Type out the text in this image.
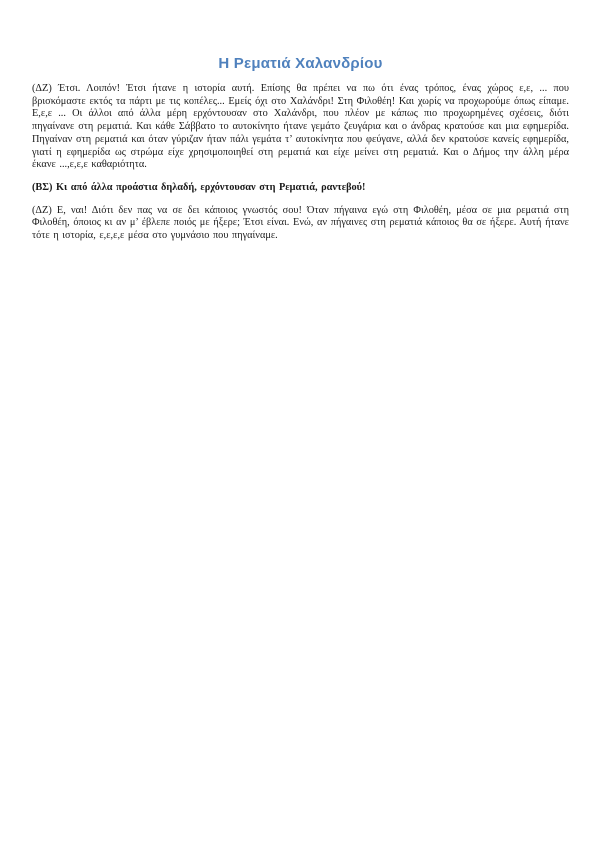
Η Ρεματιά Χαλανδρίου

(ΔΖ) Έτσι. Λοιπόν! Έτσι ήτανε η ιστορία αυτή. Επίσης θα πρέπει να πω ότι ένας τρόπος, ένας χώρος ε,ε, ... που βρισκόμαστε εκτός τα πάρτι με τις κοπέλες... Εμείς όχι στο Χαλάνδρι! Στη Φιλοθέη! Και χωρίς να προχωρούμε όπως είπαμε. Ε,ε,ε ... Οι άλλοι από άλλα μέρη ερχόντουσαν στο Χαλάνδρι, που πλέον με κάπως πιο προχωρημένες σχέσεις, διότι πηγαίνανε στη ρεματιά. Και κάθε Σάββατο το αυτοκίνητο ήτανε γεμάτο ζευγάρια και ο άνδρας κρατούσε και μια εφημερίδα. Πηγαίναν στη ρεματιά και όταν γύριζαν ήταν πάλι γεμάτα τ’ αυτοκίνητα που φεύγανε, αλλά δεν κρατούσε κανείς εφημερίδα, γιατί η εφημερίδα ως στρώμα είχε χρησιμοποιηθεί στη ρεματιά και είχε μείνει στη ρεματιά. Και ο Δήμος την άλλη μέρα έκανε ...,ε,ε,ε καθαριότητα.

(ΒΣ) Κι από άλλα προάστια δηλαδή, ερχόντουσαν στη Ρεματιά, ραντεβού!

(ΔΖ) Ε, ναι! Διότι δεν πας να σε δει κάποιος γνωστός σου! Όταν πήγαινα εγώ στη Φιλοθέη, μέσα σε μια ρεματιά στη Φιλοθέη, όποιος κι αν μ’ έβλεπε ποιός με ήξερε; Έτσι είναι. Ενώ, αν πήγαινες στη ρεματιά κάποιος θα σε ήξερε. Αυτή ήτανε τότε η ιστορία, ε,ε,ε,ε μέσα στο γυμνάσιο που πηγαίναμε.
